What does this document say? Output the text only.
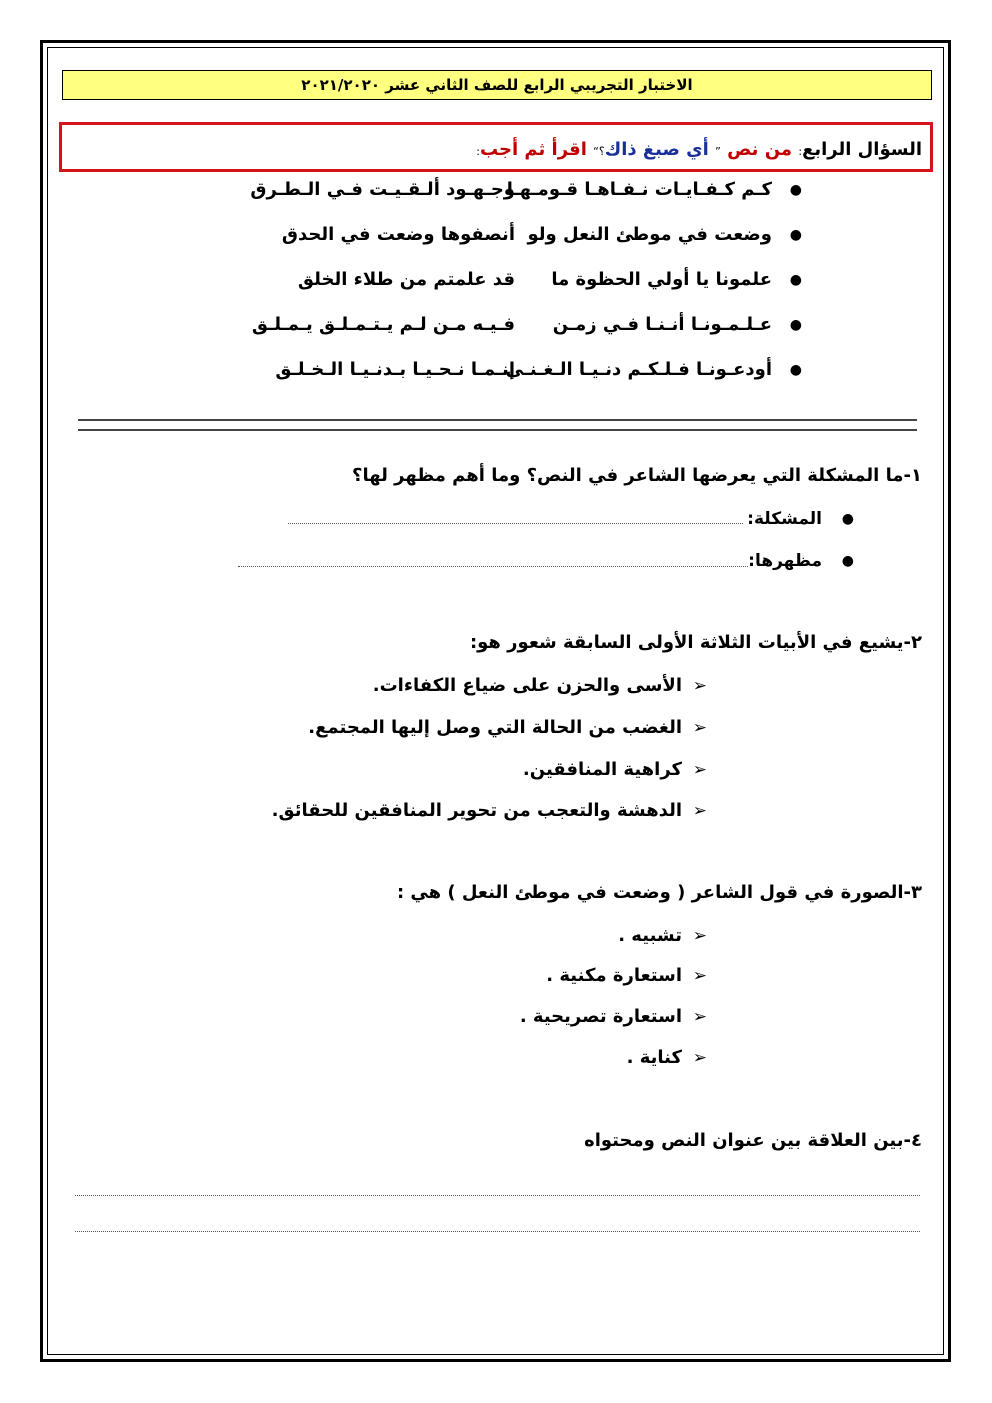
الاختبار التجريبي الرابع للصف الثاني عشر ٢٠٢١/٢٠٢٠
السؤال الرابع: من نص ” أي صبغ ذاك؟“ اقرأ ثم أجب:
●
كـم كـفـايـات نـفـاهـا قـومـهـا
وجـهـود ألـقـيـت فـي الـطـرق
●
وضعت في موطئ النعل ولو
أنصفوها وضعت في الحدق
●
علمونا يا أولي الحظوة ما
قد علمتم من طلاء الخلق
●
عـلـمـونـا أنـنـا فـي زمـن
فـيـه مـن لـم يـتـمـلـق يـمـلـق
●
أودعـونـا فـلـكـم دنـيـا الـغـنـى
إنـمـا نـحـيـا بـدنـيـا الـخـلـق
١-ما المشكلة التي يعرضها الشاعر في النص؟ وما أهم مظهر لها؟
●
المشكلة:
●
مظهرها:
٢-يشيع في الأبيات الثلاثة الأولى السابقة شعور هو:
➢
الأسى والحزن على ضياع الكفاءات.
➢
الغضب من الحالة التي وصل إليها المجتمع.
➢
كراهية المنافقين.
➢
الدهشة والتعجب من تحوير المنافقين للحقائق.
٣-الصورة في قول الشاعر ( وضعت في موطئ النعل ) هي :
➢
تشبيه .
➢
استعارة مكنية .
➢
استعارة تصريحية .
➢
كناية .
٤-بين العلاقة بين عنوان النص ومحتواه
